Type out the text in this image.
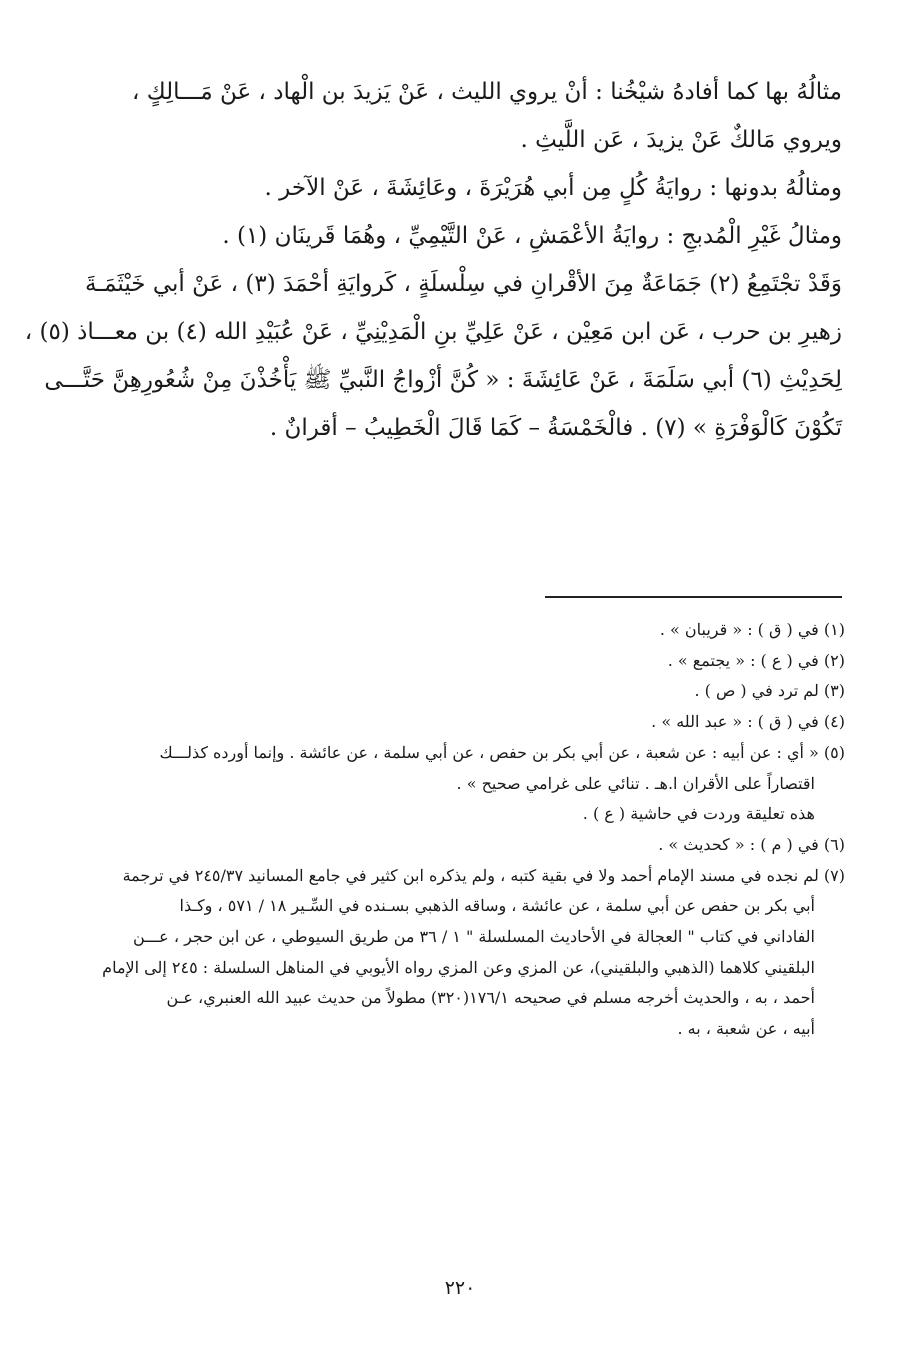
مثالُهُ بها كما أفادهُ شيْخُنا : أنْ يروي الليث ، عَنْ يَزيدَ بن الْهاد ، عَنْ مَـــالِكٍ ،

ويروي مَالكٌ عَنْ يزيدَ ، عَن اللَّيثِ .

ومثالُهُ بدونها : روايَةُ كُلٍ مِن أبي هُرَيْرَةَ ، وعَائِشَةَ ، عَنْ الآخر .

ومثالُ غَيْرِ الْمُدبجِ : روايَةُ الأعْمَشِ ، عَنْ التَّيْمِيِّ ، وهُمَا قَرينَان (١) .

وَقَدْ تجْتَمِعُ (٢) جَمَاعَةٌ مِنَ الأقْرانِ في سِلْسلَةٍ ، كَروايَةِ أحْمَدَ (٣) ، عَنْ أبي خَيْثَمَـةَ

زهيرِ بن حرب ، عَن ابن مَعِيْن ، عَنْ عَلِيِّ بنِ الْمَدِيْنِيِّ ، عَنْ عُبَيْدِ الله (٤) بن معـــاذ (٥) ،

لِحَدِيْثِ (٦) أبي سَلَمَةَ ، عَنْ عَائِشَةَ : « كُنَّ أزْواجُ النَّبيِّ ﷺ يَأْخُذْنَ مِنْ شُعُورِهِنَّ حَتَّـــى

تَكُوْنَ كَالْوَفْرَةِ » (٧) . فالْخَمْسَةُ – كَمَا قَالَ الْخَطِيبُ – أقرانٌ .

(١) في ( ق ) : « قريبان » .

(٢) في ( ع ) : « يجتمع » .

(٣) لم ترد في ( ص ) .

(٤) في ( ق ) : « عبد الله » .

(٥) « أي : عن أبيه : عن شعبة ، عن أبي بكر بن حفص ، عن أبي سلمة ، عن عائشة . وإنما أورده كذلـــك

اقتصاراً على الأقران ا.هـ . تنائي على غرامي صحيح » .

هذه تعليقة وردت في حاشية ( ع ) .

(٦) في ( م ) : « كحديث » .

(٧) لم نجده في مسند الإمام أحمد ولا في بقية كتبه ، ولم يذكره ابن كثير في جامع المسانيد ٢٤٥/٣٧ في ترجمة

أبي بكر بن حفص عن أبي سلمة ، عن عائشة ، وساقه الذهبي بسـنده في السِّـير ١٨ / ٥٧١ ، وكـذا

الفاداني في كتاب " العجالة في الأحاديث المسلسلة " ١ / ٣٦ من طريق السيوطي ، عن ابن حجر ، عـــن

البلقيني كلاهما (الذهبي والبلقيني)، عن المزي وعن المزي رواه الأيوبي في المناهل السلسلة : ٢٤٥ إلى الإمام

أحمد ، به ، والحديث أخرجه مسلم في صحيحه ١٧٦/١(٣٢٠) مطولاً من حديث عبيد الله العنبري، عـن

أبيه ، عن شعبة ، به .

٢٢٠
